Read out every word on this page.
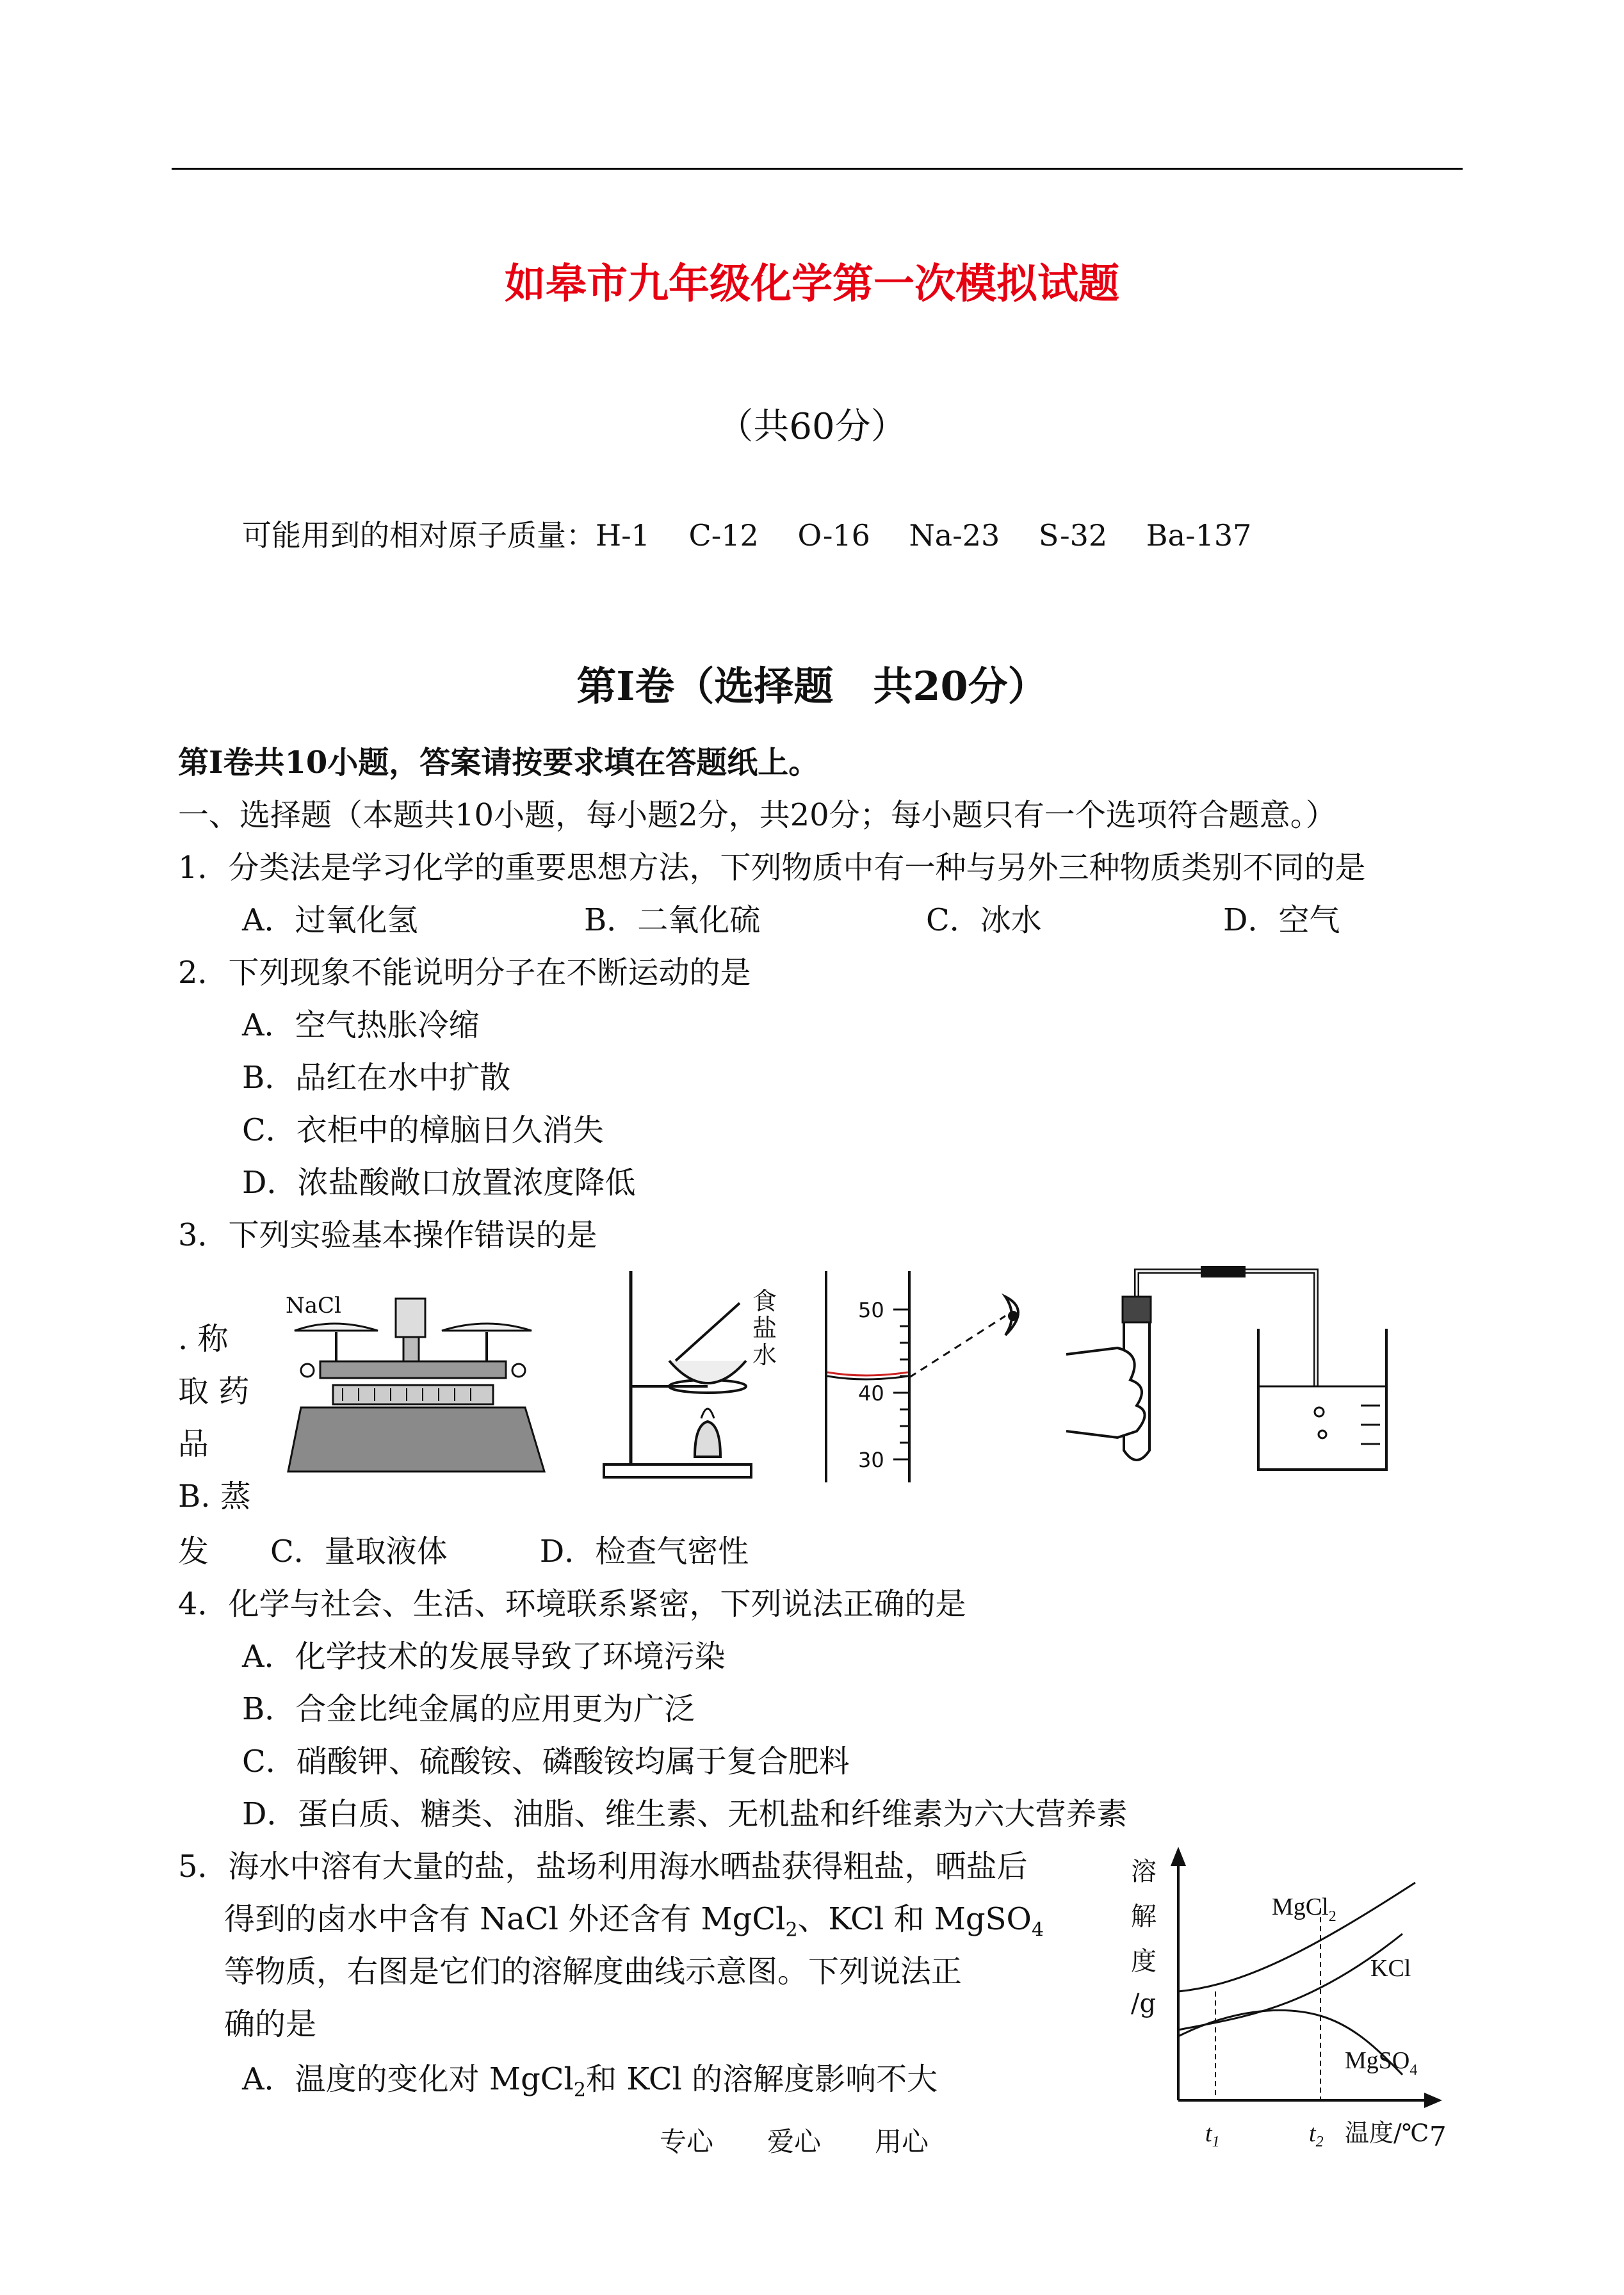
如皋市九年级化学第一次模拟试题
（共60分）
可能用到的相对原子质量：H-1　 C-12　 O-16　 Na-23　 S-32　 Ba-137
第Ⅰ卷（选择题　共20分）
第Ⅰ卷共10小题，答案请按要求填在答题纸上。
一、选择题（本题共10小题，每小题2分，共20分；每小题只有一个选项符合题意。）
1．分类法是学习化学的重要思想方法，下列物质中有一种与另外三种物质类别不同的是
A．过氧化氢	B．二氧化硫	C．冰水	D．空气
2．下列现象不能说明分子在不断运动的是
A．空气热胀冷缩
B．品红在水中扩散
C．衣柜中的樟脑日久消失
D．浓盐酸敞口放置浓度降低
3．下列实验基本操作错误的是
. 称
取 药
品
B. 蒸
发　　C．量取液体　　　D．检查气密性
NaCl	食
盐
水
50
40
30
4．化学与社会、生活、环境联系紧密，下列说法正确的是
A．化学技术的发展导致了环境污染
B．合金比纯金属的应用更为广泛
C．硝酸钾、硫酸铵、磷酸铵均属于复合肥料
D．蛋白质、糖类、油脂、维生素、无机盐和纤维素为六大营养素
5．海水中溶有大量的盐，盐场利用海水晒盐获得粗盐，晒盐后
得到的卤水中含有 NaCl 外还含有 MgCl$_2$、KCl 和 MgSO$_4$
等物质，右图是它们的溶解度曲线示意图。下列说法正
确的是
A．温度的变化对 MgCl$_2$和 KCl 的溶解度影响不大
溶
解
度
/g
MgCl$_2$
KCl
MgSO$_4$
$t_1$	$t_2$ 温度/℃
专心　　爱心　　用心	7
